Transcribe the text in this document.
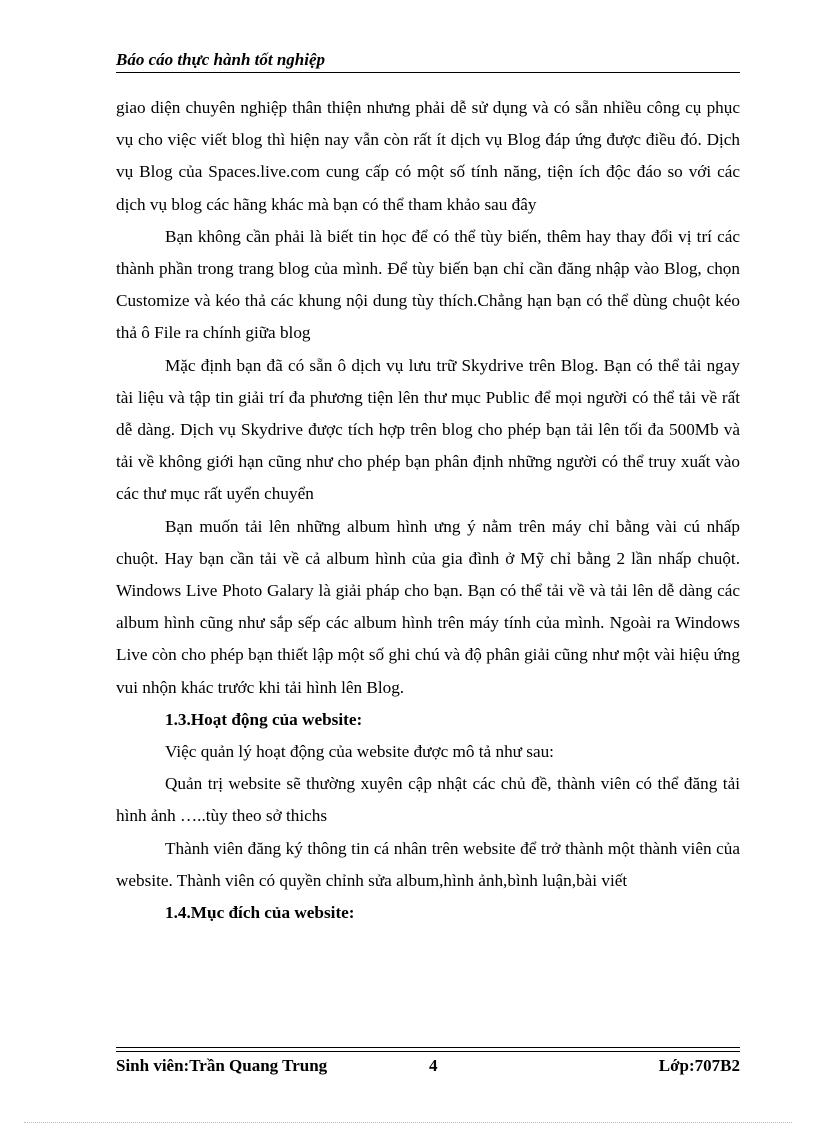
Báo cáo thực hành tốt nghiệp

giao diện chuyên nghiệp thân thiện nhưng phải dễ sử dụng và có sẵn nhiều công cụ phục vụ cho việc viết blog thì hiện nay vẫn còn rất ít dịch vụ Blog đáp ứng được điều đó. Dịch vụ Blog của Spaces.live.com cung cấp có một số tính năng, tiện ích độc đáo so với các dịch vụ blog các hãng khác mà bạn có thể tham khảo sau đây

Bạn không cần phải là biết tin học để có thể tùy biến, thêm hay thay đổi vị trí các thành phần trong trang blog của mình. Để tùy biến bạn chỉ cần đăng nhập vào Blog, chọn Customize và kéo thả các khung nội dung tùy thích.Chẳng hạn bạn có thể dùng chuột kéo thả ô File ra chính giữa blog

Mặc định bạn đã có sẵn ô dịch vụ lưu trữ Skydrive trên Blog. Bạn có thể tải ngay tài liệu và tập tin giải trí đa phương tiện lên thư mục Public để mọi người có thể tải về rất dễ dàng. Dịch vụ Skydrive được tích hợp trên blog cho phép bạn tải lên tối đa 500Mb và tải về không giới hạn cũng như cho phép bạn phân định những người có thể truy xuất vào các thư mục rất uyển chuyển

Bạn muốn tải lên những album hình ưng ý nằm trên máy chỉ bằng vài cú nhấp chuột. Hay bạn cần tải về cả album hình của gia đình ở Mỹ chỉ bằng 2 lần nhấp chuột. Windows Live Photo Galary là giải pháp cho bạn. Bạn có thể tải về và tải lên dễ dàng các album hình cũng như sắp sếp các album hình trên máy tính của mình. Ngoài ra Windows Live còn cho phép bạn thiết lập một số ghi chú và độ phân giải cũng như một vài hiệu ứng vui nhộn khác trước khi tải hình lên Blog.

1.3.Hoạt động của website:

Việc quản lý hoạt động của website được mô tả như sau:

Quản trị website sẽ thường xuyên cập nhật các chủ đề, thành viên có thể đăng tải hình ảnh …..tùy theo sở thichs

Thành viên đăng ký thông tin cá nhân trên website để trở thành một thành viên của website. Thành viên có quyền chỉnh sửa album,hình ảnh,bình luận,bài viết

1.4.Mục đích của website:

Sinh viên:Trần Quang Trung	4	Lớp:707B2
